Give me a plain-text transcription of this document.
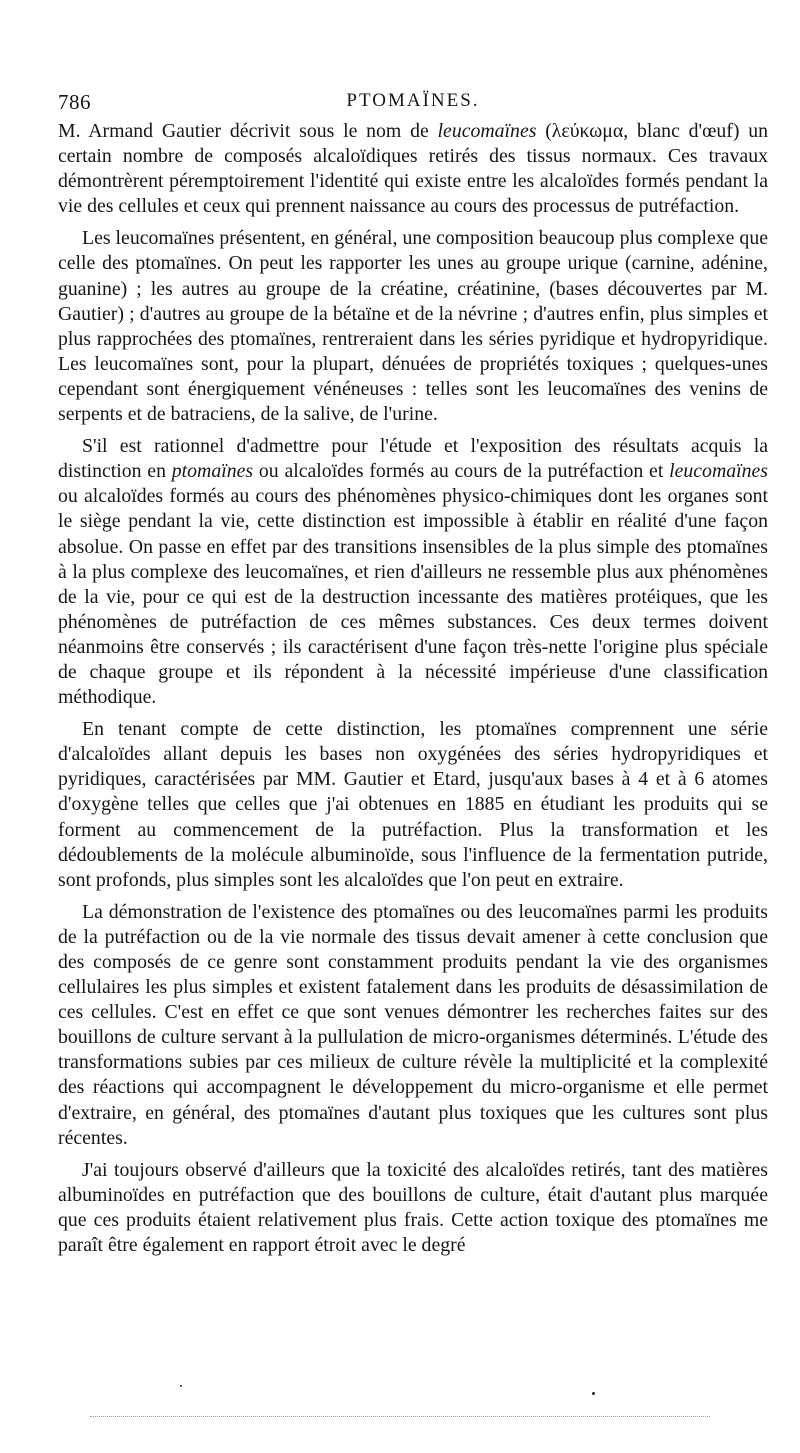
786	PTOMAÏNES.

M. Armand Gautier décrivit sous le nom de leucomaïnes (λεύκωμα, blanc d'œuf) un certain nombre de composés alcaloïdiques retirés des tissus normaux. Ces travaux démontrèrent péremptoirement l'identité qui existe entre les alcaloïdes formés pendant la vie des cellules et ceux qui prennent naissance au cours des processus de putréfaction.

Les leucomaïnes présentent, en général, une composition beaucoup plus complexe que celle des ptomaïnes. On peut les rapporter les unes au groupe urique (carnine, adénine, guanine) ; les autres au groupe de la créatine, créatinine, (bases découvertes par M. Gautier) ; d'autres au groupe de la bétaïne et de la névrine ; d'autres enfin, plus simples et plus rapprochées des ptomaïnes, rentreraient dans les séries pyridique et hydropyridique. Les leucomaïnes sont, pour la plupart, dénuées de propriétés toxiques ; quelques-unes cependant sont énergiquement vénéneuses : telles sont les leucomaïnes des venins de serpents et de batraciens, de la salive, de l'urine.

S'il est rationnel d'admettre pour l'étude et l'exposition des résultats acquis la distinction en ptomaïnes ou alcaloïdes formés au cours de la putréfaction et leucomaïnes ou alcaloïdes formés au cours des phénomènes physico-chimiques dont les organes sont le siège pendant la vie, cette distinction est impossible à établir en réalité d'une façon absolue. On passe en effet par des transitions insensibles de la plus simple des ptomaïnes à la plus complexe des leucomaïnes, et rien d'ailleurs ne ressemble plus aux phénomènes de la vie, pour ce qui est de la destruction incessante des matières protéiques, que les phénomènes de putréfaction de ces mêmes substances. Ces deux termes doivent néanmoins être conservés ; ils caractérisent d'une façon très-nette l'origine plus spéciale de chaque groupe et ils répondent à la nécessité impérieuse d'une classification méthodique.

En tenant compte de cette distinction, les ptomaïnes comprennent une série d'alcaloïdes allant depuis les bases non oxygénées des séries hydropyridiques et pyridiques, caractérisées par MM. Gautier et Etard, jusqu'aux bases à 4 et à 6 atomes d'oxygène telles que celles que j'ai obtenues en 1885 en étudiant les produits qui se forment au commencement de la putréfaction. Plus la transformation et les dédoublements de la molécule albuminoïde, sous l'influence de la fermentation putride, sont profonds, plus simples sont les alcaloïdes que l'on peut en extraire.

La démonstration de l'existence des ptomaïnes ou des leucomaïnes parmi les produits de la putréfaction ou de la vie normale des tissus devait amener à cette conclusion que des composés de ce genre sont constamment produits pendant la vie des organismes cellulaires les plus simples et existent fatalement dans les produits de désassimilation de ces cellules. C'est en effet ce que sont venues démontrer les recherches faites sur des bouillons de culture servant à la pullulation de micro-organismes déterminés. L'étude des transformations subies par ces milieux de culture révèle la multiplicité et la complexité des réactions qui accompagnent le développement du micro-organisme et elle permet d'extraire, en général, des ptomaïnes d'autant plus toxiques que les cultures sont plus récentes.

J'ai toujours observé d'ailleurs que la toxicité des alcaloïdes retirés, tant des matières albuminoïdes en putréfaction que des bouillons de culture, était d'autant plus marquée que ces produits étaient relativement plus frais. Cette action toxique des ptomaïnes me paraît être également en rapport étroit avec le degré
